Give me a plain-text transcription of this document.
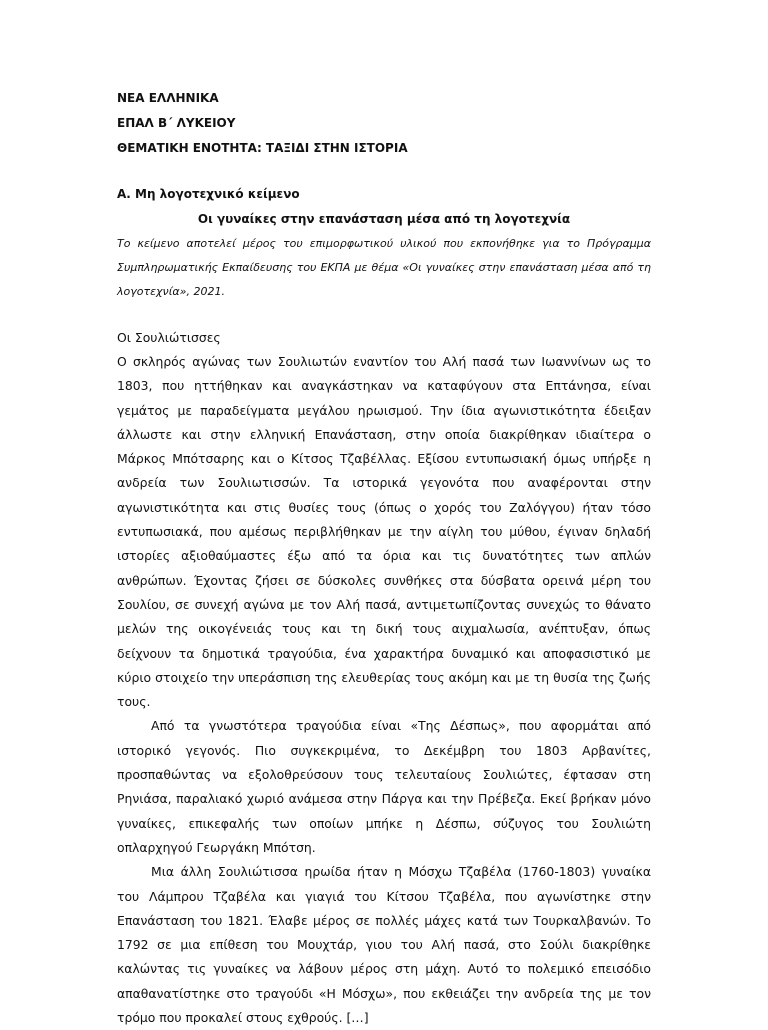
ΝΕΑ ΕΛΛΗΝΙΚΑ

ΕΠΑΛ Β΄ ΛΥΚΕΙΟΥ

ΘΕΜΑΤΙΚΗ ΕΝΟΤΗΤΑ: ΤΑΞΙΔΙ ΣΤΗΝ ΙΣΤΟΡΙΑ

Α. Μη λογοτεχνικό κείμενο

Οι γυναίκες στην επανάσταση μέσα από τη λογοτεχνία

Το κείμενο αποτελεί μέρος του επιμορφωτικού υλικού που εκπονήθηκε για το Πρόγραμμα Συμπληρωματικής Εκπαίδευσης του ΕΚΠΑ με θέμα «Οι γυναίκες στην επανάσταση μέσα από τη λογοτεχνία», 2021.

Οι Σουλιώτισσες

Ο σκληρός αγώνας των Σουλιωτών εναντίον του Αλή πασά των Ιωαννίνων ως το 1803, που ηττήθηκαν και αναγκάστηκαν να καταφύγουν στα Επτάνησα, είναι γεμάτος με παραδείγματα μεγάλου ηρωισμού. Την ίδια αγωνιστικότητα έδειξαν άλλωστε και στην ελληνική Επανάσταση, στην οποία διακρίθηκαν ιδιαίτερα ο Μάρκος Μπότσαρης και ο Κίτσος Τζαβέλλας. Εξίσου εντυπωσιακή όμως υπήρξε η ανδρεία των Σουλιωτισσών. Τα ιστορικά γεγονότα που αναφέρονται στην αγωνιστικότητα και στις θυσίες τους (όπως ο χορός του Ζαλόγγου) ήταν τόσο εντυπωσιακά, που αμέσως περιβλήθηκαν με την αίγλη του μύθου, έγιναν δηλαδή ιστορίες αξιοθαύμαστες έξω από τα όρια και τις δυνατότητες των απλών ανθρώπων. Έχοντας ζήσει σε δύσκολες συνθήκες στα δύσβατα ορεινά μέρη του Σουλίου, σε συνεχή αγώνα με τον Αλή πασά, αντιμετωπίζοντας συνεχώς το θάνατο μελών της οικογένειάς τους και τη δική τους αιχμαλωσία, ανέπτυξαν, όπως δείχνουν τα δημοτικά τραγούδια, ένα χαρακτήρα δυναμικό και αποφασιστικό με κύριο στοιχείο την υπεράσπιση της ελευθερίας τους ακόμη και με τη θυσία της ζωής τους.

Από τα γνωστότερα τραγούδια είναι «Της Δέσπως», που αφορμάται από ιστορικό γεγονός. Πιο συγκεκριμένα, το Δεκέμβρη του 1803 Αρβανίτες, προσπαθώντας να εξολοθρεύσουν τους τελευταίους Σουλιώτες, έφτασαν στη Ρηνιάσα, παραλιακό χωριό ανάμεσα στην Πάργα και την Πρέβεζα. Εκεί βρήκαν μόνο γυναίκες, επικεφαλής των οποίων μπήκε η Δέσπω, σύζυγος του Σουλιώτη οπλαρχηγού Γεωργάκη Μπότση.

Μια άλλη Σουλιώτισσα ηρωίδα ήταν η Μόσχω Τζαβέλα (1760-1803) γυναίκα του Λάμπρου Τζαβέλα και γιαγιά του Κίτσου Τζαβέλα, που αγωνίστηκε στην Επανάσταση του 1821. Έλαβε μέρος σε πολλές μάχες κατά των Τουρκαλβανών. Το 1792 σε μια επίθεση του Μουχτάρ, γιου του Αλή πασά, στο Σούλι διακρίθηκε καλώντας τις γυναίκες να λάβουν μέρος στη μάχη. Αυτό το πολεμικό επεισόδιο απαθανατίστηκε στο τραγούδι «Η Μόσχω», που εκθειάζει την ανδρεία της με τον τρόμο που προκαλεί στους εχθρούς. […]
